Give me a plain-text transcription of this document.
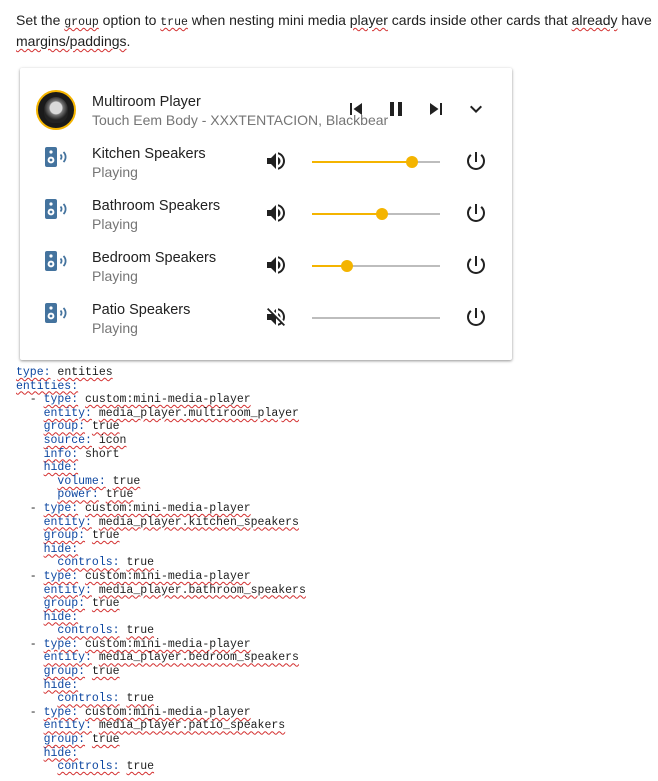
Set the group option to true when nesting mini media player cards inside other cards that already have
margins/paddings.
Multiroom Player
Touch Eem Body - XXXTENTACION, Blackbear
Kitchen Speakers
Playing
Bathroom Speakers
Playing
Bedroom Speakers
Playing
Patio Speakers
Playing
type: entities
entities:
- type: custom:mini-media-player
entity: media_player.multiroom_player
group: true
source: icon
info: short
hide:
volume: true
power: true
- type: custom:mini-media-player
entity: media_player.kitchen_speakers
group: true
hide:
controls: true
- type: custom:mini-media-player
entity: media_player.bathroom_speakers
group: true
hide:
controls: true
- type: custom:mini-media-player
entity: media_player.bedroom_speakers
group: true
hide:
controls: true
- type: custom:mini-media-player
entity: media_player.patio_speakers
group: true
hide:
controls: true
